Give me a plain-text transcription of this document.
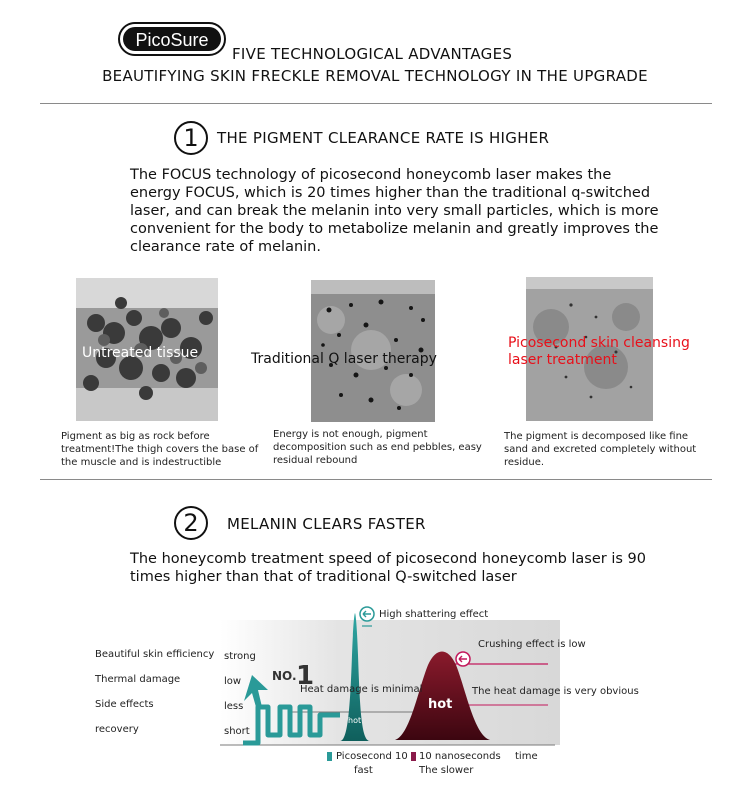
PicoSure
FIVE TECHNOLOGICAL ADVANTAGES
BEAUTIFYING SKIN FRECKLE REMOVAL TECHNOLOGY IN THE UPGRADE
1	THE PIGMENT CLEARANCE RATE IS HIGHER
The FOCUS technology of picosecond honeycomb laser makes the
energy FOCUS, which is 20 times higher than the traditional q-switched
laser, and can break the melanin into very small particles, which is more
convenient for the body to metabolize melanin and greatly improves the
clearance rate of melanin.
Untreated tissue
Pigment as big as rock before
treatment!The thigh covers the base of
the muscle and is indestructible
Traditional Q laser therapy
Energy is not enough, pigment
decomposition such as end pebbles, easy
residual rebound
Picosecond skin cleansing
laser treatment
The pigment is decomposed like fine
sand and excreted completely without
residue.
2	MELANIN CLEARS FASTER
The honeycomb treatment speed of picosecond honeycomb laser is 90
times higher than that of traditional Q-switched laser
1
Beautiful skin efficiency
Thermal damage
Side effects
recovery
strong
low
less
short
NO.
High shattering effect
Crushing effect is low
Heat damage is minimal	The heat damage is very obvious
hot
hot
Picosecond 10
fast
10 nanoseconds
The slower
time
